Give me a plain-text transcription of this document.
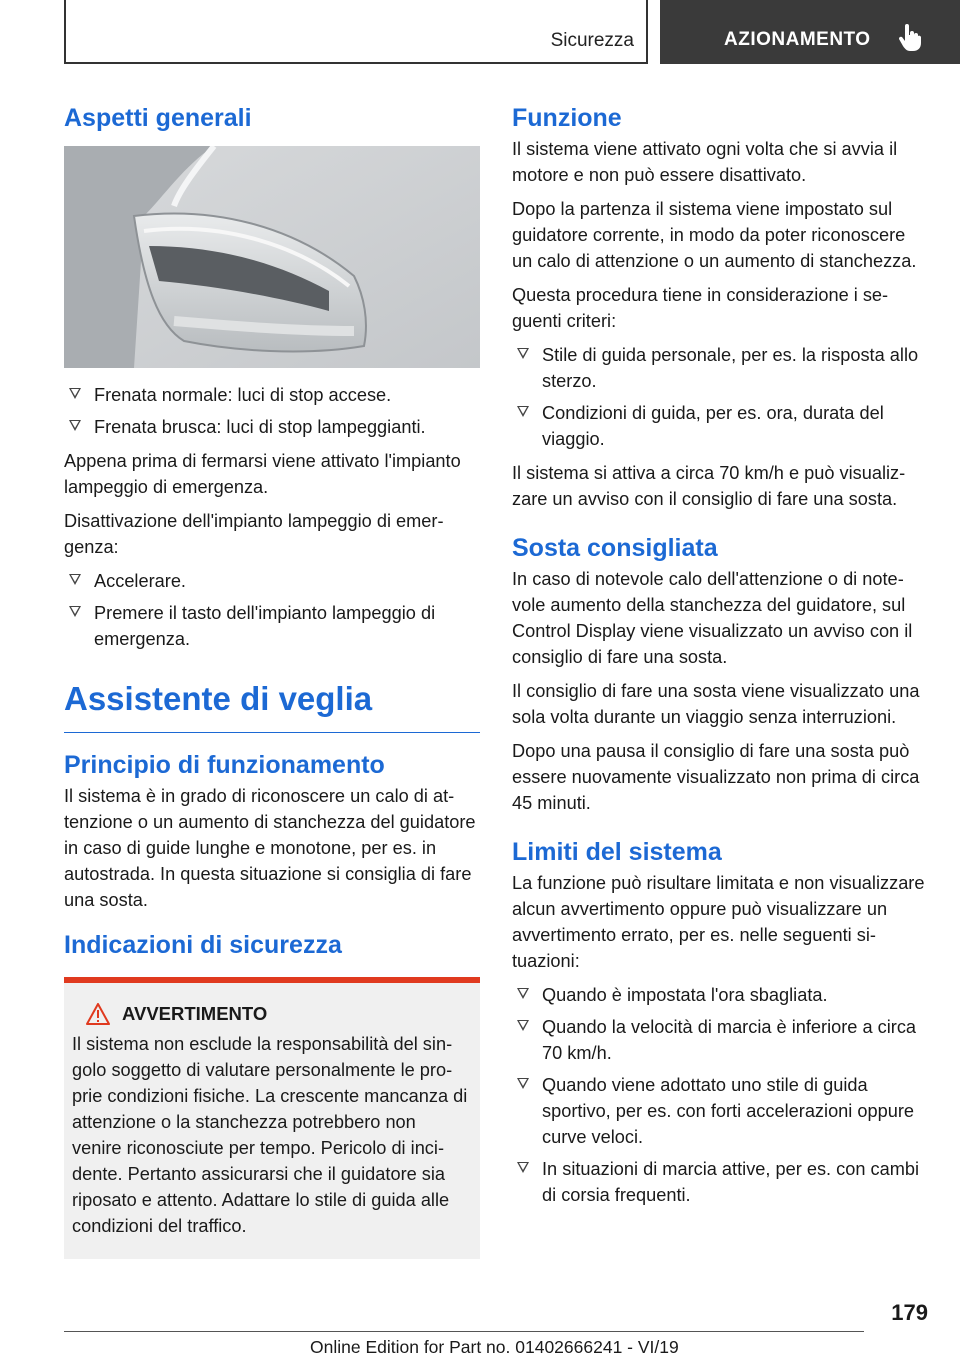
Sicurezza	AZIONAMENTO
Aspetti generali
Frenata normale: luci di stop accese.
Frenata brusca: luci di stop lampeggianti.

Appena prima di fermarsi viene attivato l'impianto lampeggio di emergenza.

Disattivazione dell'impianto lampeggio di emergenza:

Accelerare.
Premere il tasto dell'impianto lampeggio di emergenza.
Assistente di veglia
Principio di funzionamento

Il sistema è in grado di riconoscere un calo di attenzione o un aumento di stanchezza del guidatore in caso di guide lunghe e monotone, per es. in autostrada. In questa situazione si consiglia di fare una sosta.

Indicazioni di sicurezza
AVVERTIMENTO

Il sistema non esclude la responsabilità del singolo soggetto di valutare personalmente le proprie condizioni fisiche. La crescente mancanza di attenzione o la stanchezza potrebbero non venire riconosciute per tempo. Pericolo di incidente. Pertanto assicurarsi che il guidatore sia riposato e attento. Adattare lo stile di guida alle condizioni del traffico.

Funzione

Il sistema viene attivato ogni volta che si avvia il motore e non può essere disattivato.

Dopo la partenza il sistema viene impostato sul guidatore corrente, in modo da poter riconoscere un calo di attenzione o un aumento di stanchezza.

Questa procedura tiene in considerazione i seguenti criteri:

Stile di guida personale, per es. la risposta allo sterzo.
Condizioni di guida, per es. ora, durata del viaggio.

Il sistema si attiva a circa 70 km/h e può visualizzare un avviso con il consiglio di fare una sosta.

Sosta consigliata

In caso di notevole calo dell'attenzione o di notevole aumento della stanchezza del guidatore, sul Control Display viene visualizzato un avviso con il consiglio di fare una sosta.

Il consiglio di fare una sosta viene visualizzato una sola volta durante un viaggio senza interruzioni.

Dopo una pausa il consiglio di fare una sosta può essere nuovamente visualizzato non prima di circa 45 minuti.

Limiti del sistema

La funzione può risultare limitata e non visualizzare alcun avvertimento oppure può visualizzare un avvertimento errato, per es. nelle seguenti situazioni:

Quando è impostata l'ora sbagliata.
Quando la velocità di marcia è inferiore a circa 70 km/h.
Quando viene adottato uno stile di guida sportivo, per es. con forti accelerazioni oppure curve veloci.
In situazioni di marcia attive, per es. con cambi di corsia frequenti.
179
Online Edition for Part no. 01402666241 - VI/19
